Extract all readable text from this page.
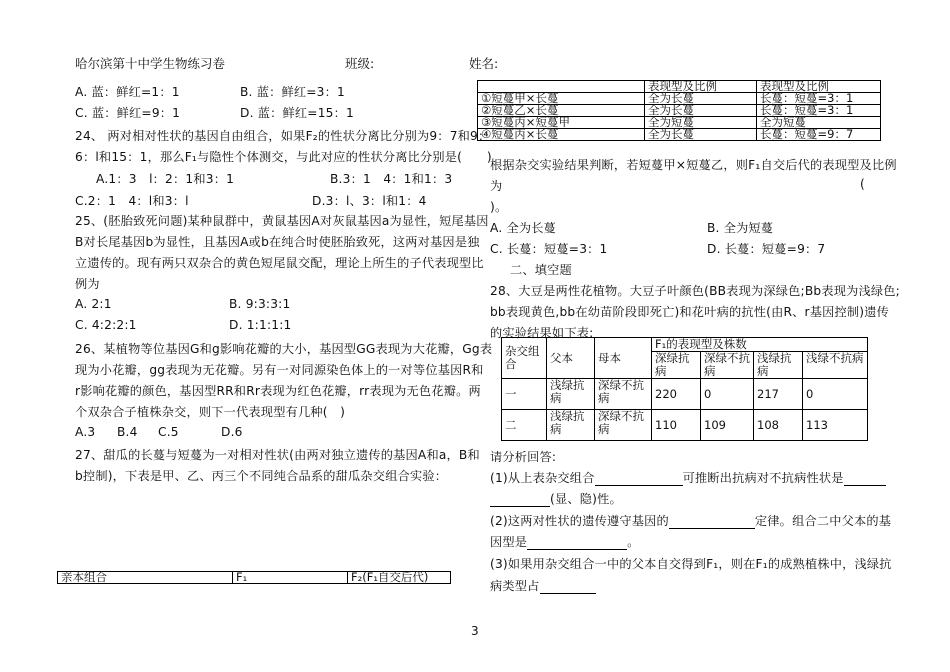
哈尔滨第十中学生物练习卷	班级:	姓名:
A. 蓝：鲜红=1：1	B. 蓝：鲜红=3：1
C. 蓝：鲜红=9：1	D. 蓝：鲜红=15：1
24、 两对相对性状的基因自由组合，如果F₂的性状分离比分别为9：7和9：
6：l和15：1，那么F₁与隐性个体测交，与此对应的性状分离比分别是(　　)
A.1：3　l：2：1和3：1	B.3：1　4：1和1：3
C.2：1　4：l和3：l	D.3：l、3：l和1：4
25、(胚胎致死问题)某种鼠群中，黄鼠基因A对灰鼠基因a为显性，短尾基因
B对长尾基因b为显性，且基因A或b在纯合时使胚胎致死，这两对基因是独
立遗传的。现有两只双杂合的黄色短尾鼠交配，理论上所生的子代表现型比
例为
A. 2:1	B. 9:3:3:1
C. 4:2:2:1	D. 1:1:1:1
26、某植物等位基因G和g影响花瓣的大小，基因型GG表现为大花瓣，Gg表
现为小花瓣，gg表现为无花瓣。另有一对同源染色体上的一对等位基因R和
r影响花瓣的颜色，基因型RR和Rr表现为红色花瓣，rr表现为无色花瓣。两
个双杂合子植株杂交，则下一代表现型有几种(　)
A.3 B.4 C.5	D.6
27、甜瓜的长蔓与短蔓为一对相对性状(由两对独立遗传的基因A和a，B和
b控制)，下表是甲、乙、丙三个不同纯合品系的甜瓜杂交组合实验：
亲本组合	F₁	F₂(F₁自交后代)
	表现型及比例	表现型及比例
①短蔓甲×长蔓	全为长蔓	长蔓：短蔓=3：1
②短蔓乙×长蔓	全为长蔓	长蔓：短蔓=3：1
③短蔓丙×短蔓甲	全为短蔓	全为短蔓
④短蔓丙×长蔓	全为长蔓	长蔓：短蔓=9：7
根据杂交实验结果判断，若短蔓甲×短蔓乙，则F₁自交后代的表现型及比例
为	(
)。
A. 全为长蔓	B. 全为短蔓
C. 长蔓：短蔓=3：1	D. 长蔓：短蔓=9：7
二、填空题
28、大豆是两性花植物。大豆子叶颜色(BB表现为深绿色;Bb表现为浅绿色;
bb表现黄色,bb在幼苗阶段即死亡)和花叶病的抗性(由R、r基因控制)遗传
的实验结果如下表:
杂交组合	父本	母本	F₁的表现型及株数			
			深绿抗病	深绿不抗病	浅绿抗病	浅绿不抗病
一	浅绿抗病	深绿不抗病	220	0	217	0
二	浅绿抗病	深绿不抗病	110	109	108	113
请分析回答:
(1)从上表杂交组合	可推断出抗病对不抗病性状是
(显、隐)性。
(2)这两对性状的遗传遵守基因的	定律。组合二中父本的基
因型是	。
(3)如果用杂交组合一中的父本自交得到F₁，则在F₁的成熟植株中，浅绿抗
病类型占
3
